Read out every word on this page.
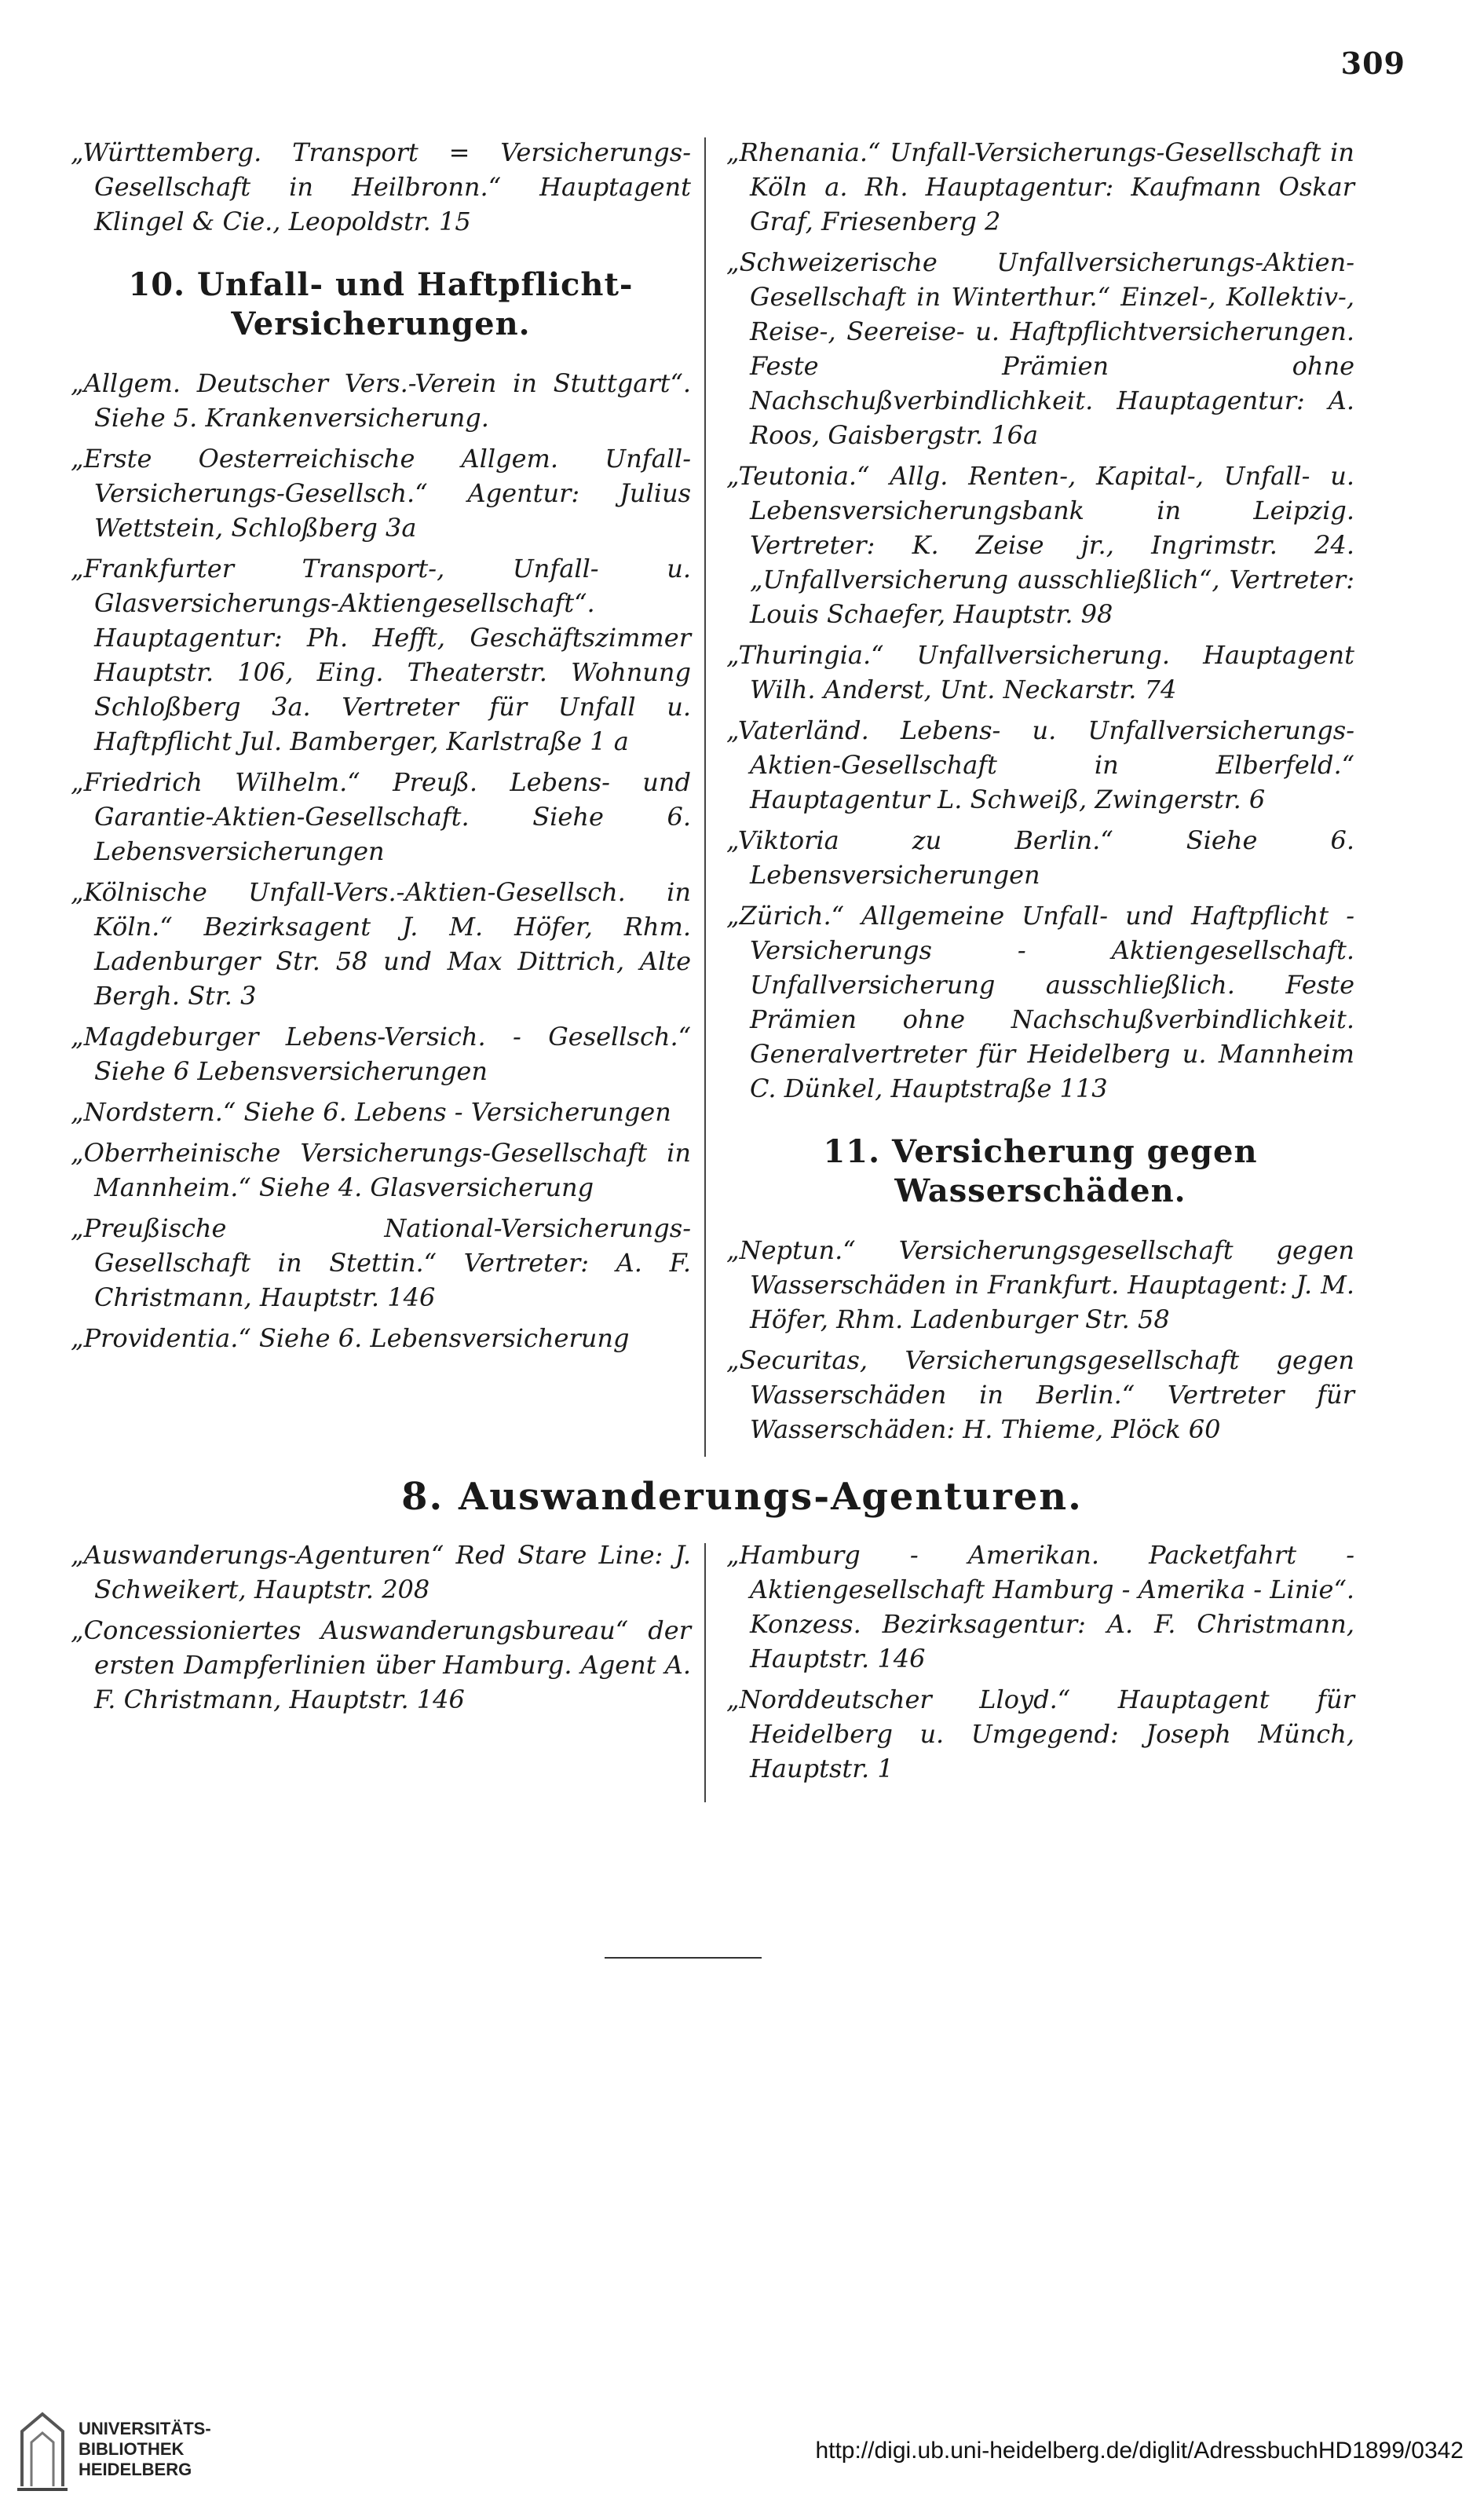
309

„Württemberg. Transport = Versicherungs-Gesellschaft in Heilbronn.“ Hauptagent Klingel & Cie., Leopoldstr. 15

10. Unfall- und Haftpflicht-Versicherungen.

„Allgem. Deutscher Vers.-Verein in Stuttgart“. Siehe 5. Krankenversicherung.

„Erste Oesterreichische Allgem. Unfall-Versicherungs-Gesellsch.“ Agentur: Julius Wettstein, Schloßberg 3a

„Frankfurter Transport-, Unfall- u. Glasversicherungs-Aktiengesellschaft“. Hauptagentur: Ph. Hefft, Geschäftszimmer Hauptstr. 106, Eing. Theaterstr. Wohnung Schloßberg 3a. Vertreter für Unfall u. Haftpflicht Jul. Bamberger, Karlstraße 1 a

„Friedrich Wilhelm.“ Preuß. Lebens- und Garantie-Aktien-Gesellschaft. Siehe 6. Lebensversicherungen

„Kölnische Unfall-Vers.-Aktien-Gesellsch. in Köln.“ Bezirksagent J. M. Höfer, Rhm. Ladenburger Str. 58 und Max Dittrich, Alte Bergh. Str. 3

„Magdeburger Lebens-Versich. - Gesellsch.“ Siehe 6 Lebensversicherungen

„Nordstern.“ Siehe 6. Lebens - Versicherungen

„Oberrheinische Versicherungs-Gesellschaft in Mannheim.“ Siehe 4. Glasversicherung

„Preußische National-Versicherungs-Gesellschaft in Stettin.“ Vertreter: A. F. Christmann, Hauptstr. 146

„Providentia.“ Siehe 6. Lebensversicherung

„Rhenania.“ Unfall-Versicherungs-Gesellschaft in Köln a. Rh. Hauptagentur: Kaufmann Oskar Graf, Friesenberg 2

„Schweizerische Unfallversicherungs-Aktien-Gesellschaft in Winterthur.“ Einzel-, Kollektiv-, Reise-, Seereise- u. Haftpflichtversicherungen. Feste Prämien ohne Nachschußverbindlichkeit. Hauptagentur: A. Roos, Gaisbergstr. 16a

„Teutonia.“ Allg. Renten-, Kapital-, Unfall- u. Lebensversicherungsbank in Leipzig. Vertreter: K. Zeise jr., Ingrimstr. 24. „Unfallversicherung ausschließlich“, Vertreter: Louis Schaefer, Hauptstr. 98

„Thuringia.“ Unfallversicherung. Hauptagent Wilh. Anderst, Unt. Neckarstr. 74

„Vaterländ. Lebens- u. Unfallversicherungs-Aktien-Gesellschaft in Elberfeld.“ Hauptagentur L. Schweiß, Zwingerstr. 6

„Viktoria zu Berlin.“ Siehe 6. Lebensversicherungen

„Zürich.“ Allgemeine Unfall- und Haftpflicht - Versicherungs - Aktiengesellschaft. Unfallversicherung ausschließlich. Feste Prämien ohne Nachschußverbindlichkeit. Generalvertreter für Heidelberg u. Mannheim C. Dünkel, Hauptstraße 113

11. Versicherung gegen Wasserschäden.

„Neptun.“ Versicherungsgesellschaft gegen Wasserschäden in Frankfurt. Hauptagent: J. M. Höfer, Rhm. Ladenburger Str. 58

„Securitas, Versicherungsgesellschaft gegen Wasserschäden in Berlin.“ Vertreter für Wasserschäden: H. Thieme, Plöck 60

8. Auswanderungs-Agenturen.

„Auswanderungs-Agenturen“ Red Stare Line: J. Schweikert, Hauptstr. 208

„Concessioniertes Auswanderungsbureau“ der ersten Dampferlinien über Hamburg. Agent A. F. Christmann, Hauptstr. 146

„Hamburg - Amerikan. Packetfahrt - Aktiengesellschaft Hamburg - Amerika - Linie“. Konzess. Bezirksagentur: A. F. Christmann, Hauptstr. 146

„Norddeutscher Lloyd.“ Hauptagent für Heidelberg u. Umgegend: Joseph Münch, Hauptstr. 1

UNIVERSITÄTS-
BIBLIOTHEK
HEIDELBERG
http://digi.ub.uni-heidelberg.de/diglit/AdressbuchHD1899/0342
